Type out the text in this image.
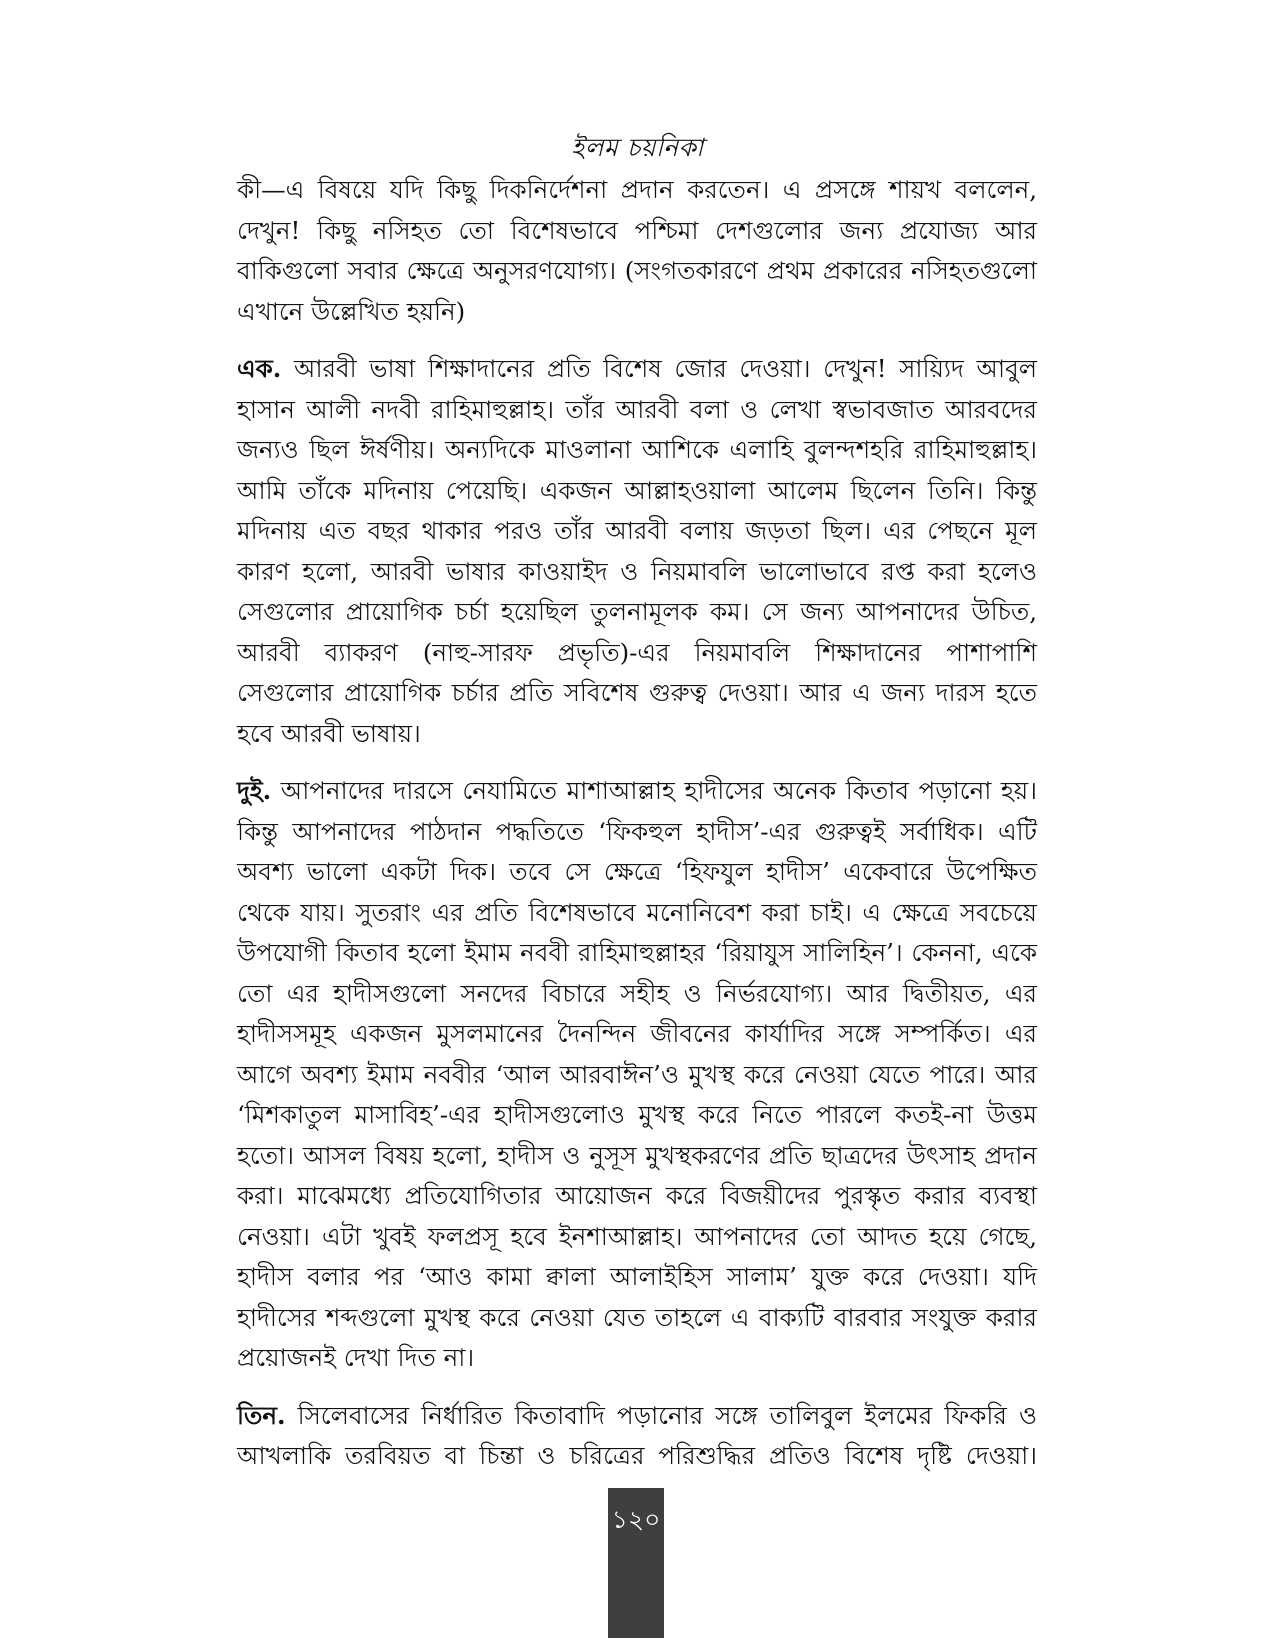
ইলম চয়নিকা

কী—এ বিষয়ে যদি কিছু দিকনির্দেশনা প্রদান করতেন। এ প্রসঙ্গে শায়খ বললেন, দেখুন! কিছু নসিহত তো বিশেষভাবে পশ্চিমা দেশগুলোর জন্য প্রযোজ্য আর বাকিগুলো সবার ক্ষেত্রে অনুসরণযোগ্য। (সংগতকারণে প্রথম প্রকারের নসিহতগুলো এখানে উল্লেখিত হয়নি)

এক. আরবী ভাষা শিক্ষাদানের প্রতি বিশেষ জোর দেওয়া। দেখুন! সায়্যিদ আবুল হাসান আলী নদবী রাহিমাহুল্লাহ। তাঁর আরবী বলা ও লেখা স্বভাবজাত আরবদের জন্যও ছিল ঈর্ষণীয়। অন্যদিকে মাওলানা আশিকে এলাহি বুলন্দশহরি রাহিমাহুল্লাহ। আমি তাঁকে মদিনায় পেয়েছি। একজন আল্লাহওয়ালা আলেম ছিলেন তিনি। কিন্তু মদিনায় এত বছর থাকার পরও তাঁর আরবী বলায় জড়তা ছিল। এর পেছনে মূল কারণ হলো, আরবী ভাষার কাওয়াইদ ও নিয়মাবলি ভালোভাবে রপ্ত করা হলেও সেগুলোর প্রায়োগিক চর্চা হয়েছিল তুলনামূলক কম। সে জন্য আপনাদের উচিত, আরবী ব্যাকরণ (নাহু-সারফ প্রভৃতি)-এর নিয়মাবলি শিক্ষাদানের পাশাপাশি সেগুলোর প্রায়োগিক চর্চার প্রতি সবিশেষ গুরুত্ব দেওয়া। আর এ জন্য দারস হতে হবে আরবী ভাষায়।

দুই. আপনাদের দারসে নেযামিতে মাশাআল্লাহ হাদীসের অনেক কিতাব পড়ানো হয়। কিন্তু আপনাদের পাঠদান পদ্ধতিতে ‘ফিকহুল হাদীস’-এর গুরুত্বই সর্বাধিক। এটি অবশ্য ভালো একটা দিক। তবে সে ক্ষেত্রে ‘হিফযুল হাদীস’ একেবারে উপেক্ষিত থেকে যায়। সুতরাং এর প্রতি বিশেষভাবে মনোনিবেশ করা চাই। এ ক্ষেত্রে সবচেয়ে উপযোগী কিতাব হলো ইমাম নববী রাহিমাহুল্লাহর ‘রিয়াযুস সালিহিন’। কেননা, একে তো এর হাদীসগুলো সনদের বিচারে সহীহ ও নির্ভরযোগ্য। আর দ্বিতীয়ত, এর হাদীসসমূহ একজন মুসলমানের দৈনন্দিন জীবনের কার্যাদির সঙ্গে সম্পর্কিত। এর আগে অবশ্য ইমাম নববীর ‘আল আরবাঈন’ও মুখস্থ করে নেওয়া যেতে পারে। আর ‘মিশকাতুল মাসাবিহ’-এর হাদীসগুলোও মুখস্থ করে নিতে পারলে কতই-না উত্তম হতো। আসল বিষয় হলো, হাদীস ও নুসূস মুখস্থকরণের প্রতি ছাত্রদের উৎসাহ প্রদান করা। মাঝেমধ্যে প্রতিযোগিতার আয়োজন করে বিজয়ীদের পুরস্কৃত করার ব্যবস্থা নেওয়া। এটা খুবই ফলপ্রসূ হবে ইনশাআল্লাহ। আপনাদের তো আদত হয়ে গেছে, হাদীস বলার পর ‘আও কামা ক্বালা আলাইহিস সালাম’ যুক্ত করে দেওয়া। যদি হাদীসের শব্দগুলো মুখস্থ করে নেওয়া যেত তাহলে এ বাক্যটি বারবার সংযুক্ত করার প্রয়োজনই দেখা দিত না।

তিন. সিলেবাসের নির্ধারিত কিতাবাদি পড়ানোর সঙ্গে তালিবুল ইলমের ফিকরি ও আখলাকি তরবিয়ত বা চিন্তা ও চরিত্রের পরিশুদ্ধির প্রতিও বিশেষ দৃষ্টি দেওয়া।

১২০
